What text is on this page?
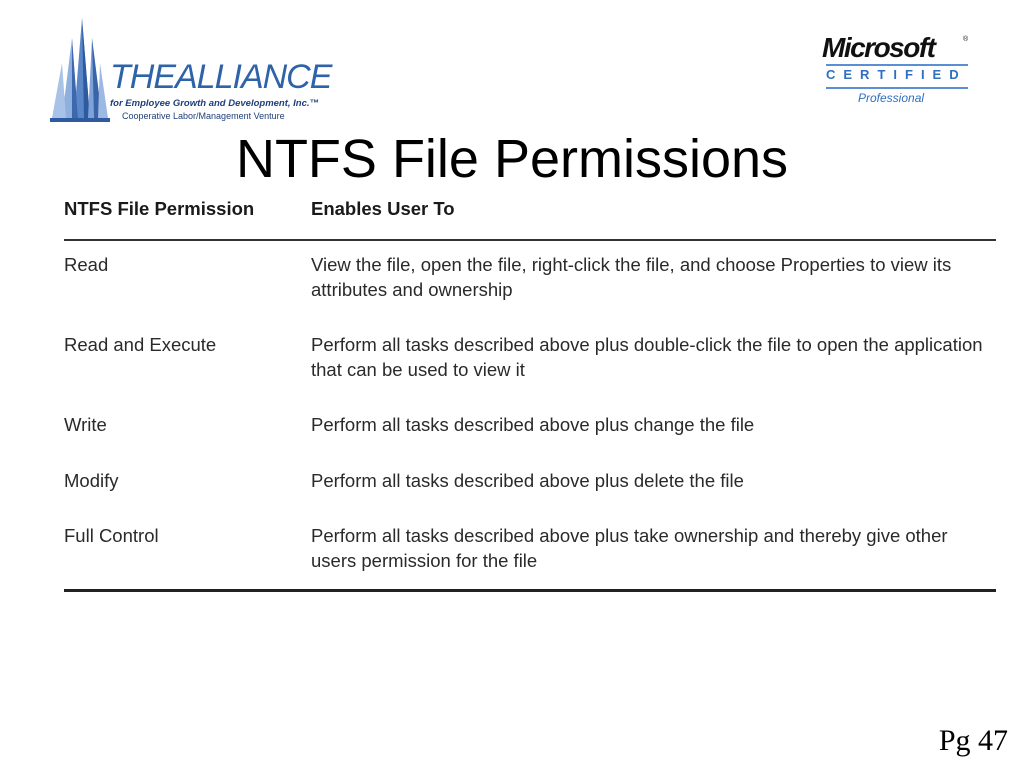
THEALLIANCE
for Employee Growth and Development, Inc.™
Cooperative Labor/Management Venture
Microsoft	®
CERTIFIED
Professional
NTFS File Permissions
NTFS File Permission	Enables User To
Read	View the file, open the file, right-click the file, and choose Properties to view its attributes and ownership
Read and Execute	Perform all tasks described above plus double-click the file to open the application that can be used to view it
Write	Perform all tasks described above plus change the file
Modify	Perform all tasks described above plus delete the file
Full Control	Perform all tasks described above plus take ownership and thereby give other users permission for the file
Pg 47
